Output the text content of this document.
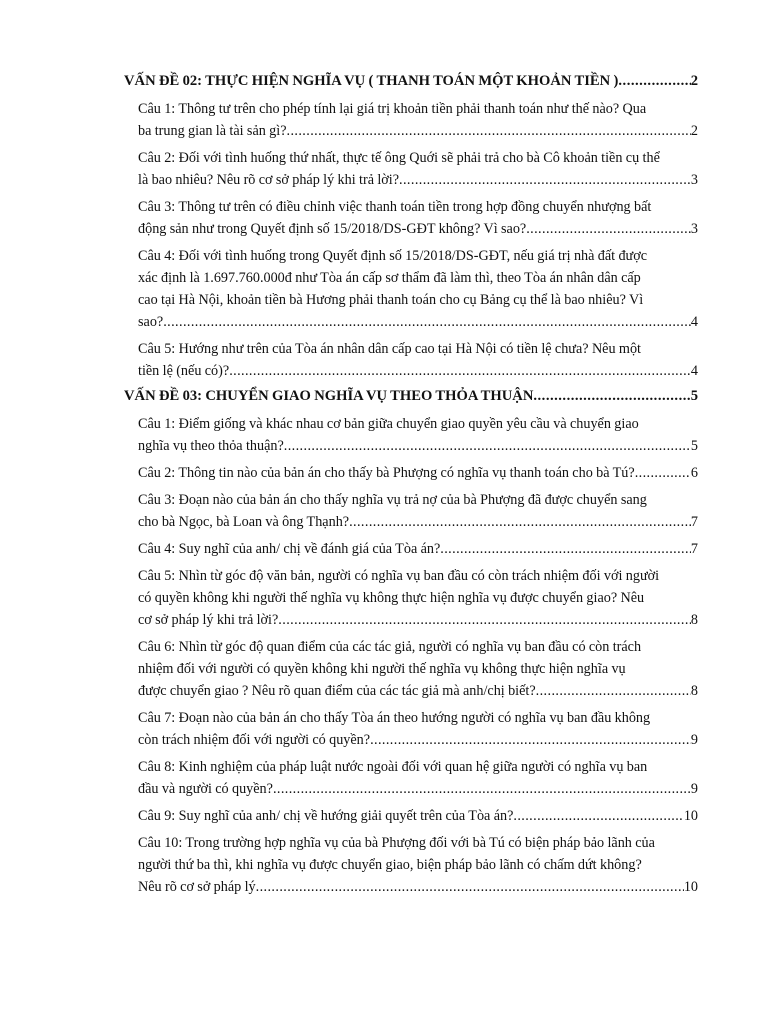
VẤN ĐỀ 02: THỰC HIỆN NGHĨA VỤ ( THANH TOÁN MỘT KHOẢN TIỀN ) .....	2
Câu 1: Thông tư trên cho phép tính lại giá trị khoản tiền phải thanh toán như thế nào? Qua
ba trung gian là tài sản gì? .....	2
Câu 2: Đối với tình huống thứ nhất, thực tế ông Quới sẽ phải trả cho bà Cô khoản tiền cụ thể
là bao nhiêu? Nêu rõ cơ sở pháp lý khi trả lời? .....	3
Câu 3: Thông tư trên có điều chỉnh việc thanh toán tiền trong hợp đồng chuyển nhượng bất
động sản như trong Quyết định số 15/2018/DS-GĐT không? Vì sao? .....	3
Câu 4: Đối với tình huống trong Quyết định số 15/2018/DS-GĐT, nếu giá trị nhà đất được
xác định là 1.697.760.000đ như Tòa án cấp sơ thẩm đã làm thì, theo Tòa án nhân dân cấp
cao tại Hà Nội, khoản tiền bà Hương phải thanh toán cho cụ Bảng cụ thể là bao nhiêu? Vì
sao? .....	4
Câu 5: Hướng như trên của Tòa án nhân dân cấp cao tại Hà Nội có tiền lệ chưa? Nêu một
tiền lệ (nếu có)? .....	4
VẤN ĐỀ 03: CHUYỂN GIAO NGHĨA VỤ THEO THỎA THUẬN .....	5
Câu 1: Điểm giống và khác nhau cơ bản giữa chuyển giao quyền yêu cầu và chuyển giao
nghĩa vụ theo thỏa thuận? .....	5
Câu 2: Thông tin nào của bản án cho thấy bà Phượng có nghĩa vụ thanh toán cho bà Tú? .....	6
Câu 3: Đoạn nào của bản án cho thấy nghĩa vụ trả nợ của bà Phượng đã được chuyển sang
cho bà Ngọc, bà Loan và ông Thạnh? .....	7
Câu 4: Suy nghĩ của anh/ chị về đánh giá của Tòa án? .....	7
Câu 5: Nhìn từ góc độ văn bản, người có nghĩa vụ ban đầu có còn trách nhiệm đối với người
có quyền không khi người thế nghĩa vụ không thực hiện nghĩa vụ được chuyển giao? Nêu
cơ sở pháp lý khi trả lời? .....	8
Câu 6: Nhìn từ góc độ quan điểm của các tác giả, người có nghĩa vụ ban đầu có còn trách
nhiệm đối với người có quyền không khi người thế nghĩa vụ không thực hiện nghĩa vụ
được chuyển giao ? Nêu rõ quan điểm của các tác giả mà anh/chị biết? .....	8
Câu 7: Đoạn nào của bản án cho thấy Tòa án theo hướng người có nghĩa vụ ban đầu không
còn trách nhiệm đối với người có quyền? .....	9
Câu 8: Kinh nghiệm của pháp luật nước ngoài đối với quan hệ giữa người có nghĩa vụ ban
đầu và người có quyền? .....	9
Câu 9: Suy nghĩ của anh/ chị về hướng giải quyết trên của Tòa án? .....	10
Câu 10: Trong trường hợp nghĩa vụ của bà Phượng đối với bà Tú có biện pháp bảo lãnh của
người thứ ba thì, khi nghĩa vụ được chuyển giao, biện pháp bảo lãnh có chấm dứt không?
Nêu rõ cơ sở pháp lý .....	10
